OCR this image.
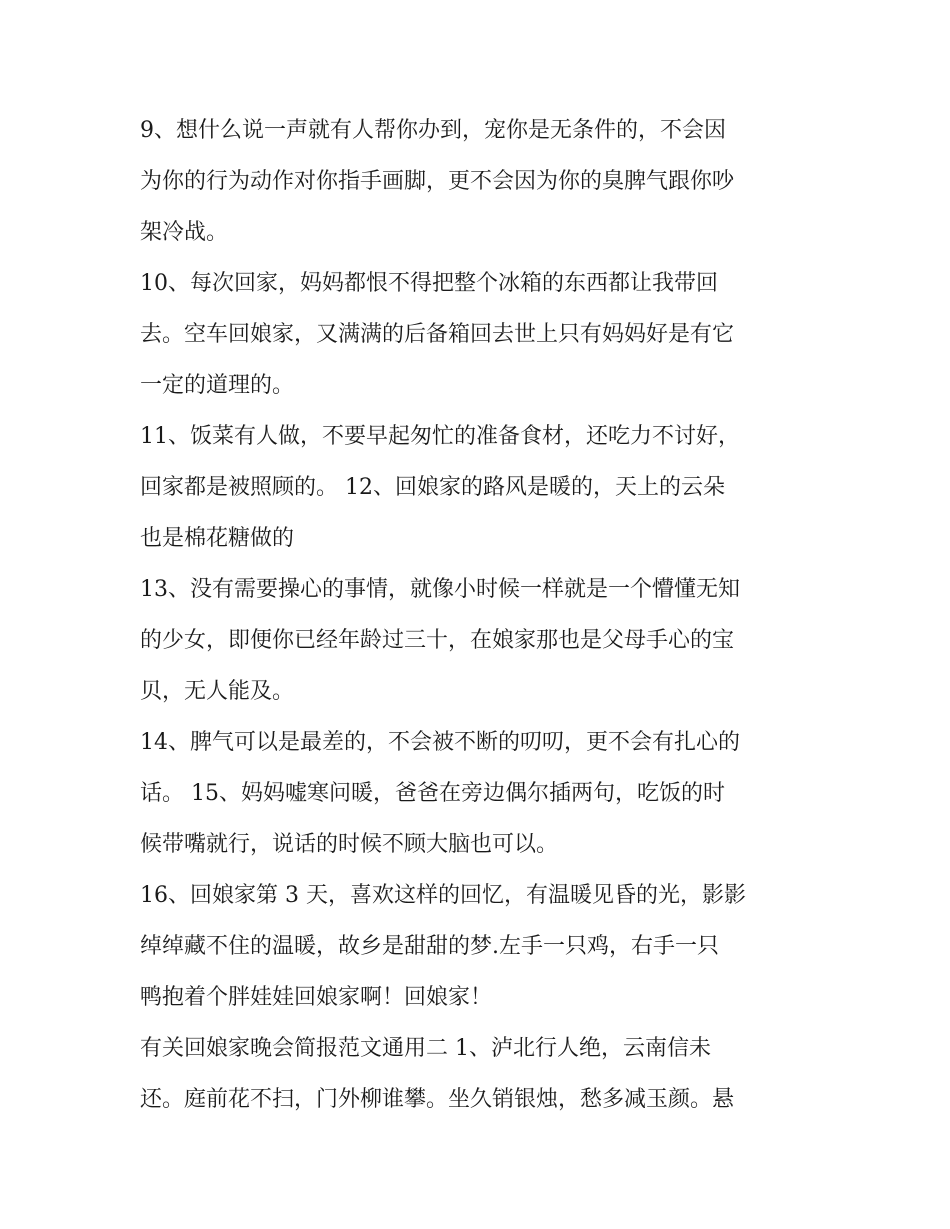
9、想什么说一声就有人帮你办到，宠你是无条件的，不会因
为你的行为动作对你指手画脚，更不会因为你的臭脾气跟你吵
架冷战。
10、每次回家，妈妈都恨不得把整个冰箱的东西都让我带回
去。空车回娘家，又满满的后备箱回去世上只有妈妈好是有它
一定的道理的。
11、饭菜有人做，不要早起匆忙的准备食材，还吃力不讨好，
回家都是被照顾的。 12、回娘家的路风是暖的，天上的云朵
也是棉花糖做的
13、没有需要操心的事情，就像小时候一样就是一个懵懂无知
的少女，即便你已经年龄过三十，在娘家那也是父母手心的宝
贝，无人能及。
14、脾气可以是最差的，不会被不断的叨叨，更不会有扎心的
话。 15、妈妈嘘寒问暖，爸爸在旁边偶尔插两句，吃饭的时
候带嘴就行，说话的时候不顾大脑也可以。
16、回娘家第 3 天，喜欢这样的回忆，有温暖见昏的光，影影
绰绰藏不住的温暖，故乡是甜甜的梦.左手一只鸡，右手一只
鸭抱着个胖娃娃回娘家啊！回娘家！
有关回娘家晚会简报范文通用二 1、泸北行人绝，云南信未
还。庭前花不扫，门外柳谁攀。坐久销银烛，愁多减玉颜。悬
